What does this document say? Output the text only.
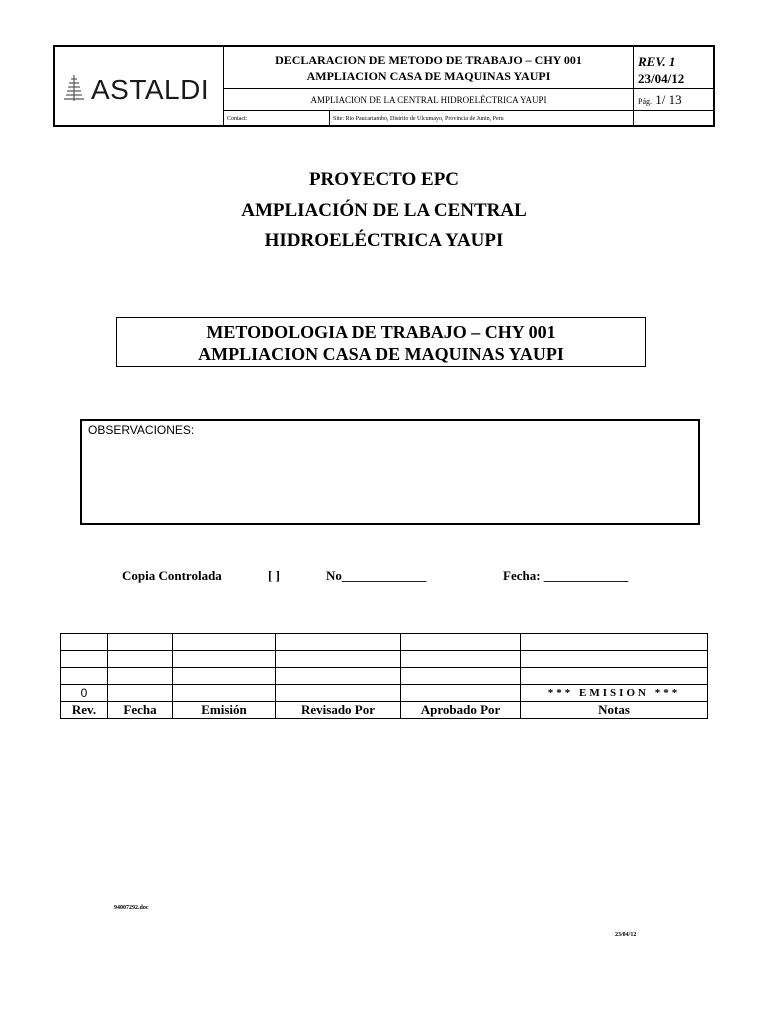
ASTALDI
DECLARACION DE METODO DE TRABAJO – CHY 001
AMPLIACION CASA DE MAQUINAS YAUPI
REV. 1
23/04/12
AMPLIACION DE LA CENTRAL HIDROELÉCTRICA YAUPI	Pág. 1/ 13
Contact:	Site: Rio Paucartambo, Distrito de Ulcumayo, Provincia de Junin, Peru
PROYECTO EPC
AMPLIACIÓN DE LA CENTRAL
HIDROELÉCTRICA YAUPI
METODOLOGIA DE TRABAJO – CHY 001
AMPLIACION CASA DE MAQUINAS YAUPI
OBSERVACIONES:
Copia Controlada	[ ]	No_____________	Fecha: _____________

0					*** EMISION ***
Rev.	Fecha	Emisión	Revisado Por	Aprobado Por	Notas
94007292.doc
23/04/12
